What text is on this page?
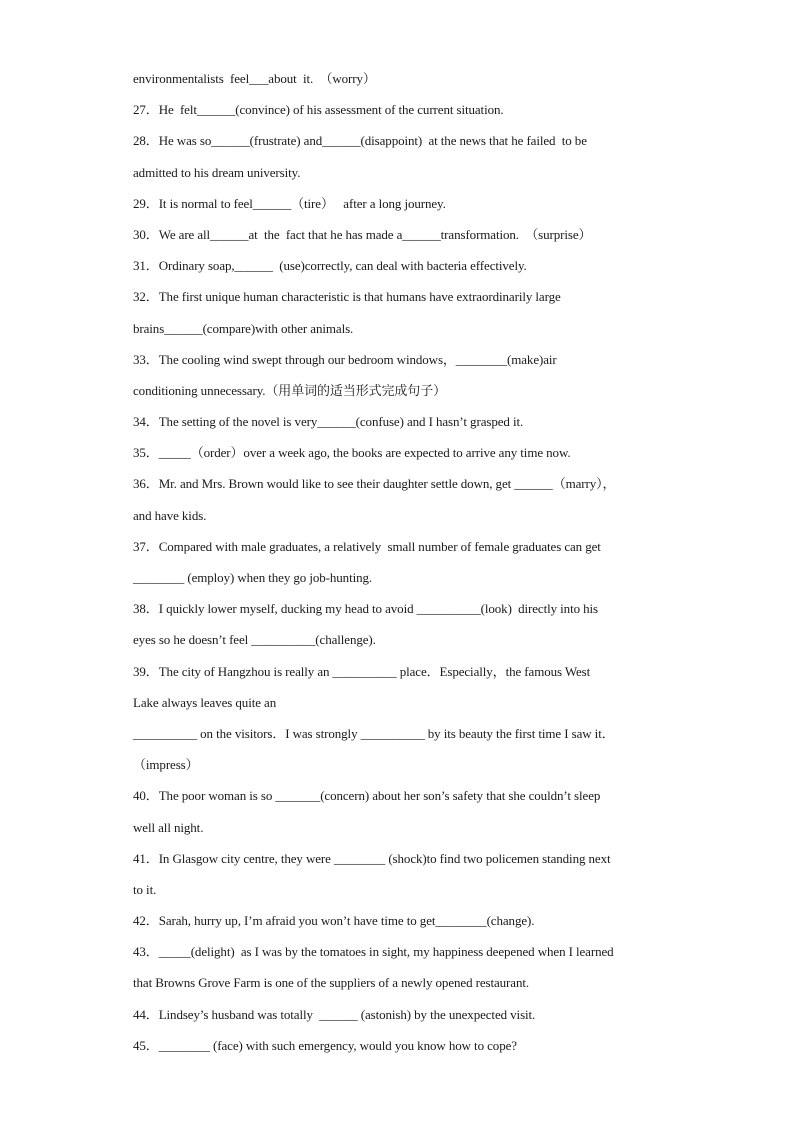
environmentalists  feel___about  it.  （worry）
27．He  felt______(convince) of his assessment of the current situation.
28．He was so______(frustrate) and______(disappoint)  at the news that he failed  to be
admitted to his dream university.
29．It is normal to feel______（tire）   after a long journey.
30．We are all______at  the  fact that he has made a______transformation.  （surprise）
31．Ordinary soap,______  (use)correctly, can deal with bacteria effectively.
32．The first unique human characteristic is that humans have extraordinarily large
brains______(compare)with other animals.
33．The cooling wind swept through our bedroom windows，________(make)air
conditioning unnecessary.（用单词的适当形式完成句子）
34．The setting of the novel is very______(confuse) and I hasn’t grasped it.
35．_____（order）over a week ago, the books are expected to arrive any time now.
36．Mr. and Mrs. Brown would like to see their daughter settle down, get ______（marry），
and have kids.
37．Compared with male graduates, a relatively  small number of female graduates can get
________ (employ) when they go job-hunting.
38．I quickly lower myself, ducking my head to avoid __________(look)  directly into his
eyes so he doesn’t feel __________(challenge).
39．The city of Hangzhou is really an __________ place．Especially，the famous West
Lake always leaves quite an
__________ on the visitors．I was strongly __________ by its beauty the first time I saw it．
（impress）
40．The poor woman is so _______(concern) about her son’s safety that she couldn’t sleep
well all night.
41．In Glasgow city centre, they were ________ (shock)to find two policemen standing next
to it.
42．Sarah, hurry up, I’m afraid you won’t have time to get________(change).
43．_____(delight)  as I was by the tomatoes in sight, my happiness deepened when I learned
that Browns Grove Farm is one of the suppliers of a newly opened restaurant.
44．Lindsey’s husband was totally  ______ (astonish) by the unexpected visit.
45．________ (face) with such emergency, would you know how to cope?
